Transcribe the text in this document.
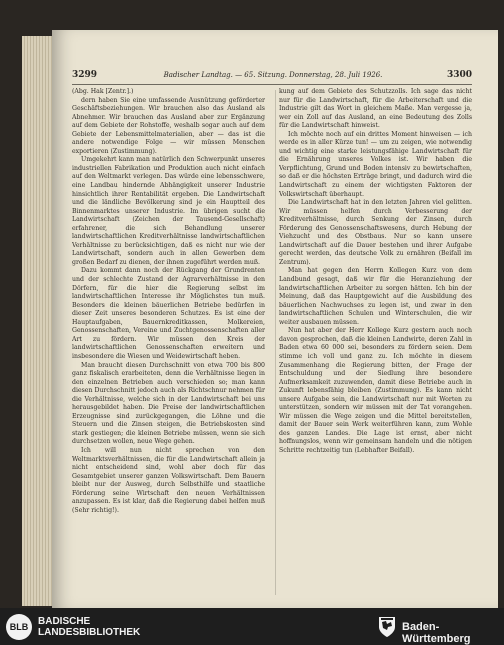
3299	Badischer Landtag. — 65. Sitzung. Donnerstag, 28. Juli 1926.	3300

(Abg. Hak [Zentr.].)

dern haben Sie eine umfassende Ausnützung geförderter Geschäftsbeziehungen. Wir brauchen also das Ausland als Abnehmer. Wir brauchen das Ausland aber zur Ergänzung auf dem Gebiete der Rohstoffe, weshalb sogar auch auf dem Gebiete der Lebensmittelmaterialien, aber — das ist die andere notwendige Folge — wir müssen Menschen exportieren (Zustimmung).

Umgekehrt kann man natürlich den Schwerpunkt unseres industriellen Fabrikation und Produktion auch nicht einfach auf den Weltmarkt verlegen. Das würde eine lebensschwere, eine Landbau hindernde Abhängigkeit unserer Industrie hinsichtlich ihrer Rentabilität ergeben. Die Landwirtschaft und die ländliche Bevölkerung sind je ein Hauptteil des Binnenmarktes unserer Industrie. Im übrigen sucht die Landwirtschaft (Zeichen der Tausend-Gesellschaft) erfahrener, die sich Behandlung unserer landwirtschaftlichen Kreditverhältnisse landwirtschaftlichen Verhältnisse zu berücksichtigen, daß es nicht nur wie der Landwirtschaft, sondern auch in allen Gewerben dem großen Bedarf zu dienen, der ihnen zugeführt werden muß.

Dazu kommt dann noch der Rückgang der Grundrenten und der schlechte Zustand der Agrarverhältnisse in den Dörfern, für die hier die Regierung selbst im landwirtschaftlichen Interesse ihr Möglichstes tun muß. Besonders die kleinen bäuerlichen Betriebe bedürfen in dieser Zeit unseres besonderen Schutzes. Es ist eine der Hauptaufgaben, Bauernkreditkassen, Molkereien, Genossenschaften, Vereine und Zuchtgenossenschaften aller Art zu fördern. Wir müssen den Kreis der landwirtschaftlichen Genossenschaften erweitern und insbesondere die Wiesen und Weidewirtschaft heben.

Man braucht diesen Durchschnitt von etwa 700 bis 800 ganz fiskalisch erarbeiteten, denn die Verhältnisse liegen in den einzelnen Betrieben auch verschieden so; man kann diesen Durchschnitt jedoch auch als Richtschnur nehmen für die Verhältnisse, welche sich in der Landwirtschaft bei uns herausgebildet haben. Die Preise der landwirtschaftlichen Erzeugnisse sind zurückgegangen, die Löhne und die Steuern und die Zinsen steigen, die Betriebskosten sind stark gestiegen; die kleinen Betriebe müssen, wenn sie sich durchsetzen wollen, neue Wege gehen.

Ich will nun nicht sprechen von den Weltmarktsverhältnissen, die für die Landwirtschaft allein ja nicht entscheidend sind, wohl aber doch für das Gesamtgebiet unserer ganzen Volkswirtschaft. Dem Bauern bleibt nur der Ausweg, durch Selbsthilfe und staatliche Förderung seine Wirtschaft den neuen Verhältnissen anzupassen. Es ist klar, daß die Regierung dabei helfen muß (Sehr richtig!).

kung auf dem Gebiete des Schutzzolls. Ich sage das nicht nur für die Landwirtschaft, für die Arbeiterschaft und die Industrie gilt das Wort in gleichem Maße. Man vergesse ja, wer ein Zoll auf das Ausland, an eine Bedeutung des Zolls für die Landwirtschaft hinweist.

Ich möchte noch auf ein drittes Moment hinweisen — ich werde es in aller Kürze tun! — um zu zeigen, wie notwendig und wichtig eine starke leistungsfähige Landwirtschaft für die Ernährung unseres Volkes ist. Wir haben die Verpflichtung, Grund und Boden intensiv zu bewirtschaften, so daß er die höchsten Erträge bringt, und dadurch wird die Landwirtschaft zu einem der wichtigsten Faktoren der Volkswirtschaft überhaupt.

Die Landwirtschaft hat in den letzten Jahren viel gelitten. Wir müssen helfen durch Verbesserung der Kreditverhältnisse, durch Senkung der Zinsen, durch Förderung des Genossenschaftswesens, durch Hebung der Viehzucht und des Obstbaus. Nur so kann unsere Landwirtschaft auf die Dauer bestehen und ihrer Aufgabe gerecht werden, das deutsche Volk zu ernähren (Beifall im Zentrum).

Man hat gegen den Herrn Kollegen Kurz von dem Landbund gesagt, daß wir für die Heranziehung der landwirtschaftlichen Arbeiter zu sorgen hätten. Ich bin der Meinung, daß das Hauptgewicht auf die Ausbildung des bäuerlichen Nachwuchses zu legen ist, und zwar in den landwirtschaftlichen Schulen und Winterschulen, die wir weiter ausbauen müssen.

Nun hat aber der Herr Kollege Kurz gestern auch noch davon gesprochen, daß die kleinen Landwirte, deren Zahl in Baden etwa 60 000 sei, besonders zu fördern seien. Dem stimme ich voll und ganz zu. Ich möchte in diesem Zusammenhang die Regierung bitten, der Frage der Entschuldung und der Siedlung ihre besondere Aufmerksamkeit zuzuwenden, damit diese Betriebe auch in Zukunft lebensfähig bleiben (Zustimmung). Es kann nicht unsere Aufgabe sein, die Landwirtschaft nur mit Worten zu unterstützen, sondern wir müssen mit der Tat vorangehen. Wir müssen die Wege zeigen und die Mittel bereitstellen, damit der Bauer sein Werk weiterführen kann, zum Wohle des ganzen Landes. Die Lage ist ernst, aber nicht hoffnungslos, wenn wir gemeinsam handeln und die nötigen Schritte rechtzeitig tun (Lebhafter Beifall).

BLB BADISCHE
LANDESBIBLIOTHEK	Baden-Württemberg
